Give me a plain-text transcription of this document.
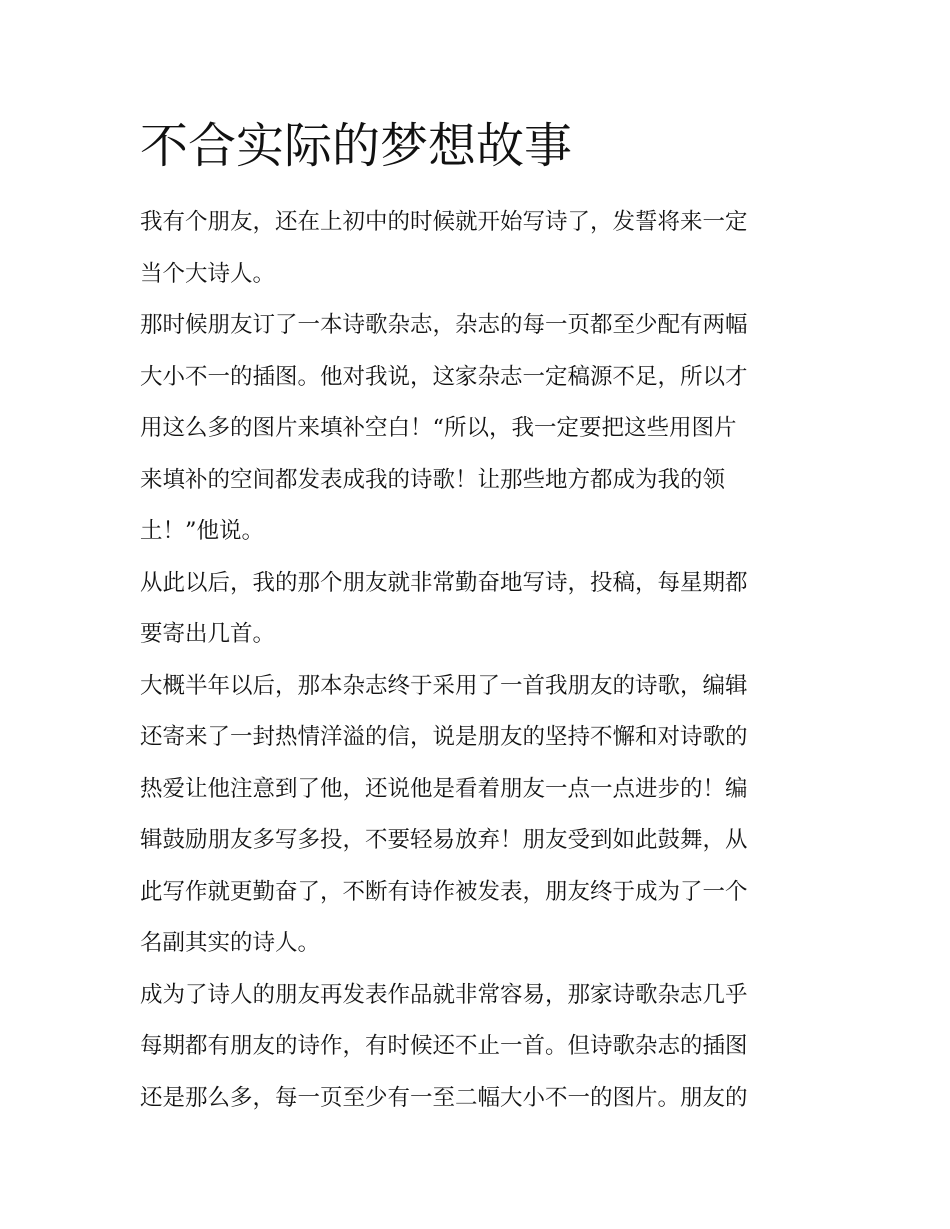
不合实际的梦想故事

我有个朋友，还在上初中的时候就开始写诗了，发誓将来一定
当个大诗人。

那时候朋友订了一本诗歌杂志，杂志的每一页都至少配有两幅
大小不一的插图。他对我说，这家杂志一定稿源不足，所以才
用这么多的图片来填补空白！“所以，我一定要把这些用图片
来填补的空间都发表成我的诗歌！让那些地方都成为我的领
土！”他说。

从此以后，我的那个朋友就非常勤奋地写诗，投稿，每星期都
要寄出几首。

大概半年以后，那本杂志终于采用了一首我朋友的诗歌，编辑
还寄来了一封热情洋溢的信，说是朋友的坚持不懈和对诗歌的
热爱让他注意到了他，还说他是看着朋友一点一点进步的！编
辑鼓励朋友多写多投，不要轻易放弃！朋友受到如此鼓舞，从
此写作就更勤奋了，不断有诗作被发表，朋友终于成为了一个
名副其实的诗人。

成为了诗人的朋友再发表作品就非常容易，那家诗歌杂志几乎
每期都有朋友的诗作，有时候还不止一首。但诗歌杂志的插图
还是那么多，每一页至少有一至二幅大小不一的图片。朋友的
